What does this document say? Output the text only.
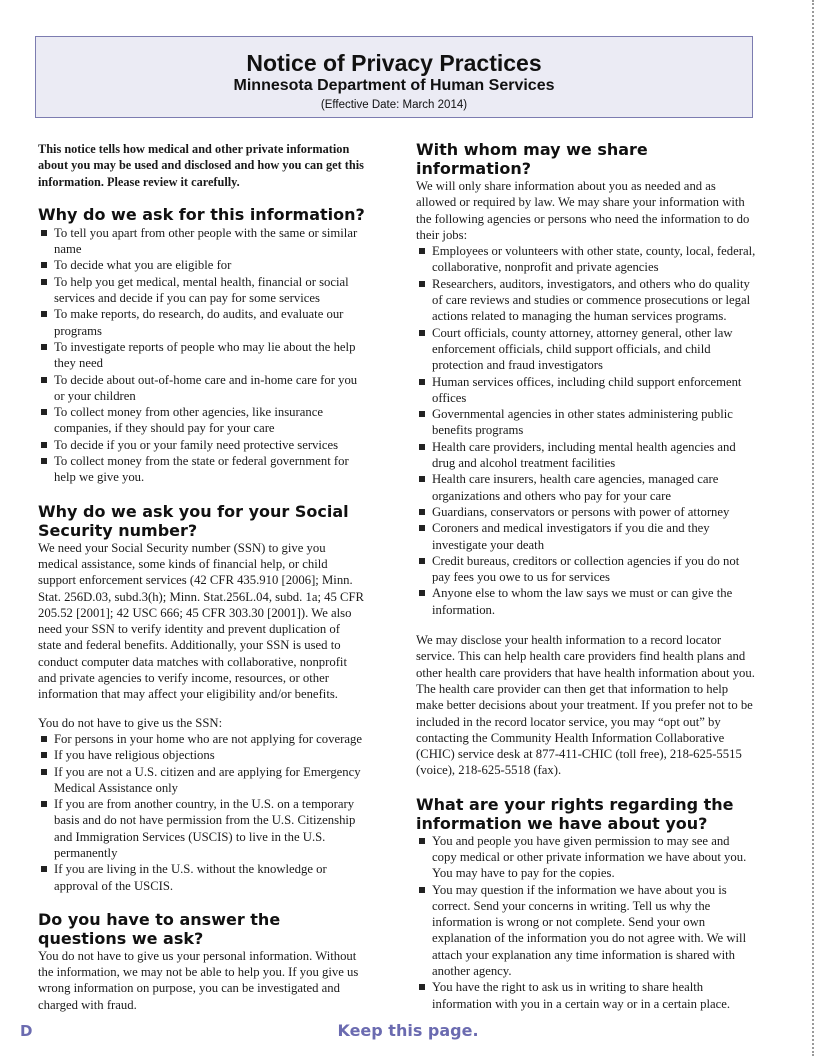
Notice of Privacy Practices
Minnesota Department of Human Services
(Effective Date: March 2014)

This notice tells how medical and other private information about you may be used and disclosed and how you can get this information. Please review it carefully.

Why do we ask for this information?
To tell you apart from other people with the same or similar name
To decide what you are eligible for
To help you get medical, mental health, financial or social services and decide if you can pay for some services
To make reports, do research, do audits, and evaluate our programs
To investigate reports of people who may lie about the help they need
To decide about out-of-home care and in-home care for you or your children
To collect money from other agencies, like insurance companies, if they should pay for your care
To decide if you or your family need protective services
To collect money from the state or federal government for help we give you.
Why do we ask you for your Social Security number?

We need your Social Security number (SSN) to give you medical assistance, some kinds of financial help, or child support enforcement services (42 CFR 435.910 [2006]; Minn. Stat. 256D.03, subd.3(h); Minn. Stat.256L.04, subd. 1a; 45 CFR 205.52 [2001]; 42 USC 666; 45 CFR 303.30 [2001]). We also need your SSN to verify identity and prevent duplication of state and federal benefits. Additionally, your SSN is used to conduct computer data matches with collaborative, nonprofit and private agencies to verify income, resources, or other information that may affect your eligibility and/or benefits.

You do not have to give us the SSN:

For persons in your home who are not applying for coverage
If you have religious objections
If you are not a U.S. citizen and are applying for Emergency Medical Assistance only
If you are from another country, in the U.S. on a temporary basis and do not have permission from the U.S. Citizenship and Immigration Services (USCIS) to live in the U.S. permanently
If you are living in the U.S. without the knowledge or approval of the USCIS.
Do you have to answer the questions we ask?

You do not have to give us your personal information. Without the information, we may not be able to help you. If you give us wrong information on purpose, you can be investigated and charged with fraud.

With whom may we share information?

We will only share information about you as needed and as allowed or required by law. We may share your information with the following agencies or persons who need the information to do their jobs:

Employees or volunteers with other state, county, local, federal, collaborative, nonprofit and private agencies
Researchers, auditors, investigators, and others who do quality of care reviews and studies or commence prosecutions or legal actions related to managing the human services programs.
Court officials, county attorney, attorney general, other law enforcement officials, child support officials, and child protection and fraud investigators
Human services offices, including child support enforcement offices
Governmental agencies in other states administering public benefits programs
Health care providers, including mental health agencies and drug and alcohol treatment facilities
Health care insurers, health care agencies, managed care organizations and others who pay for your care
Guardians, conservators or persons with power of attorney
Coroners and medical investigators if you die and they investigate your death
Credit bureaus, creditors or collection agencies if you do not pay fees you owe to us for services
Anyone else to whom the law says we must or can give the information.

We may disclose your health information to a record locator service. This can help health care providers find health plans and other health care providers that have health information about you. The health care provider can then get that information to help make better decisions about your treatment. If you prefer not to be included in the record locator service, you may “opt out” by contacting the Community Health Information Collaborative (CHIC) service desk at 877-411-CHIC (toll free), 218-625-5515 (voice), 218-625-5518 (fax).

What are your rights regarding the information we have about you?
You and people you have given permission to may see and copy medical or other private information we have about you. You may have to pay for the copies.
You may question if the information we have about you is correct. Send your concerns in writing. Tell us why the information is wrong or not complete. Send your own explanation of the information you do not agree with. We will attach your explanation any time information is shared with another agency.
You have the right to ask us in writing to share health information with you in a certain way or in a certain place.
D	Keep this page.
